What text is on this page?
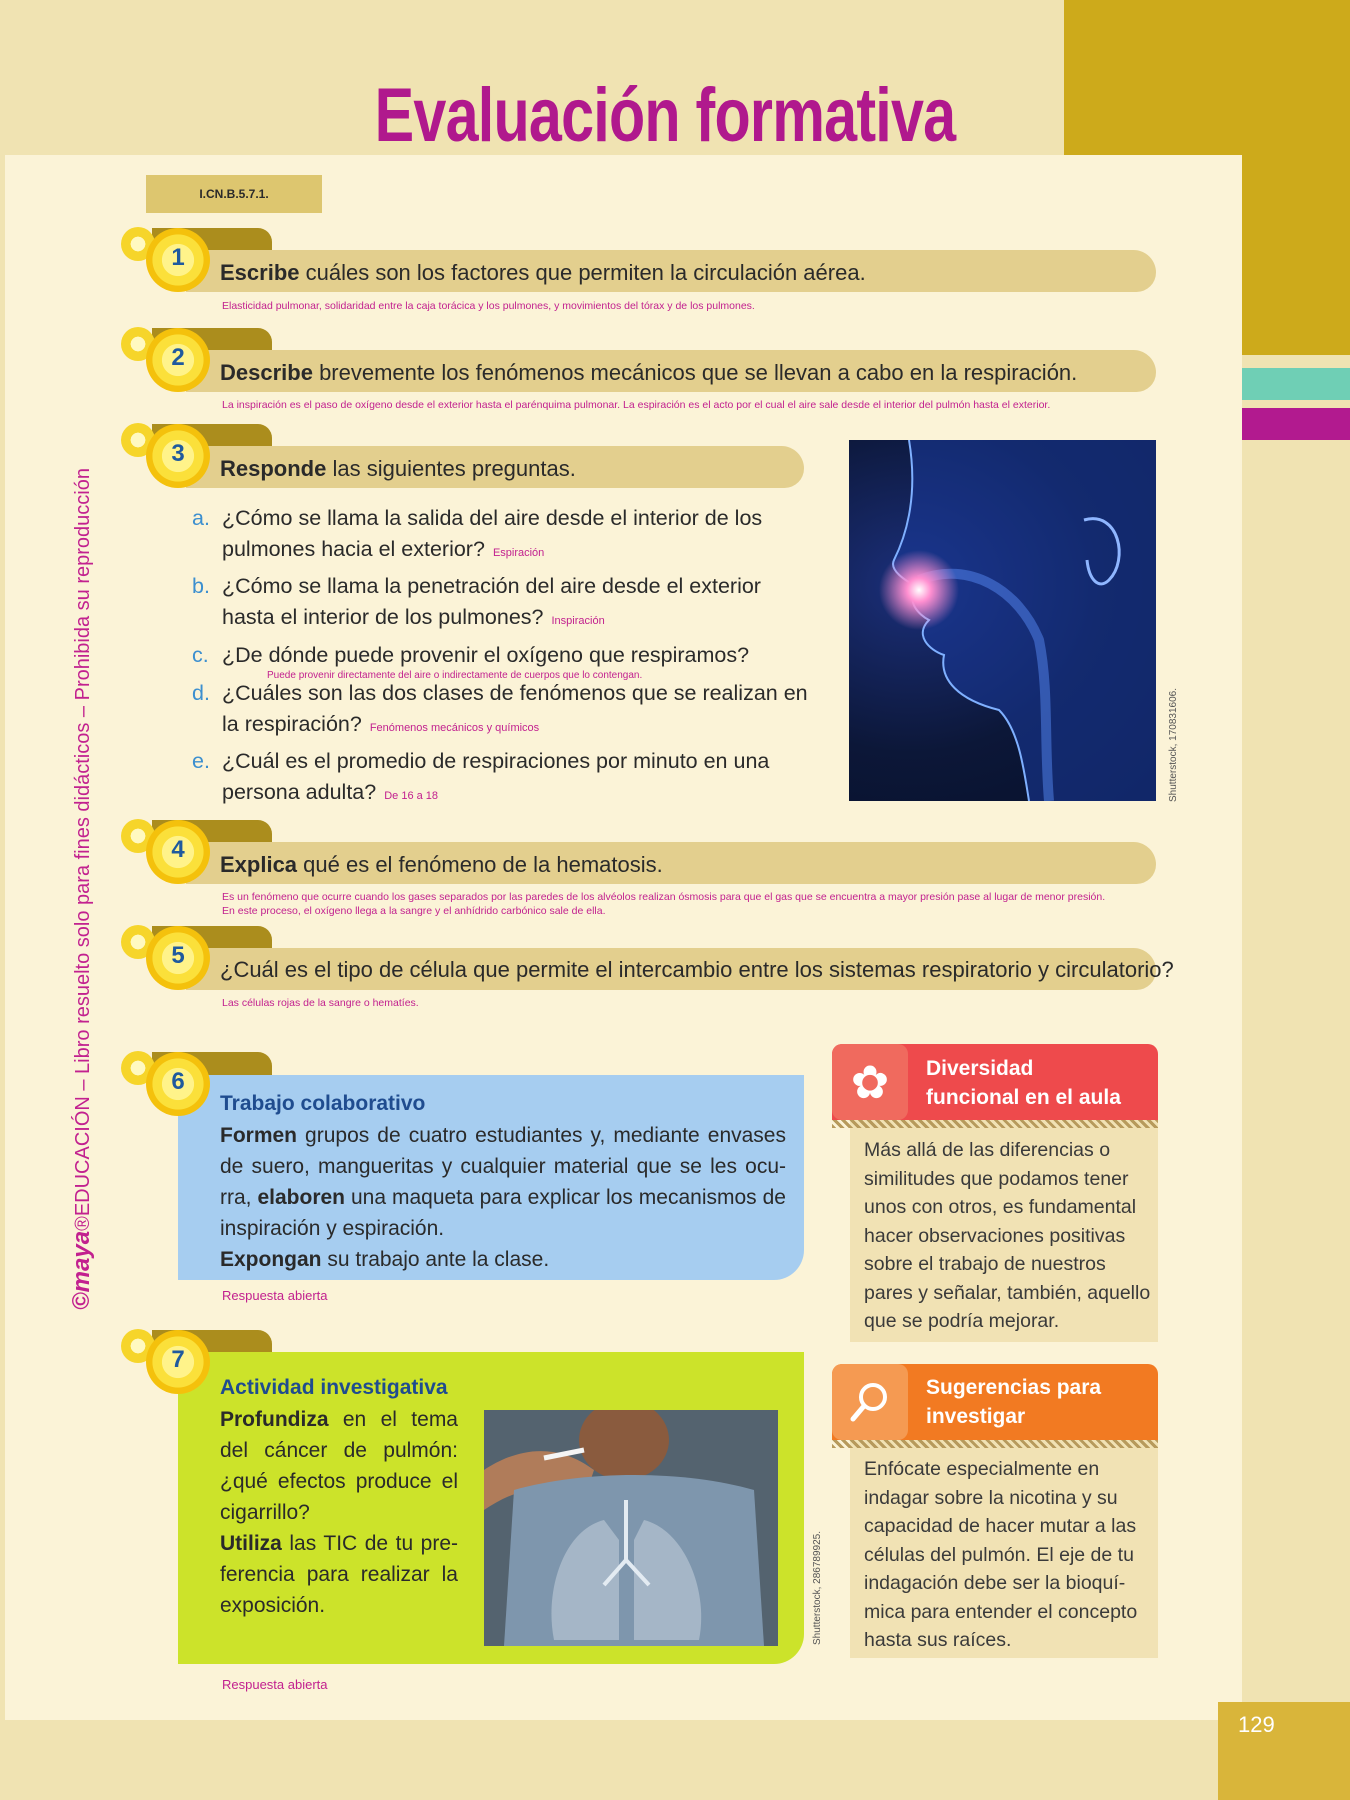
129
Evaluación formativa
I.CN.B.5.7.1.
©maya®EDUCACIÓN – Libro resuelto solo para fines didácticos – Prohibida su reproducción
1
Escribe cuáles son los factores que permiten la circulación aérea.
Elasticidad pulmonar, solidaridad entre la caja torácica y los pulmones, y movimientos del tórax y de los pulmones.
2
Describe brevemente los fenómenos mecánicos que se llevan a cabo en la respiración.
La inspiración es el paso de oxígeno desde el exterior hasta el parénquima pulmonar. La espiración es el acto por el cual el aire sale desde el interior del pulmón hasta el exterior.
3
Responde las siguientes preguntas.
a. ¿Cómo se llama la salida del aire desde el interior de los
pulmones hacia el exterior? Espiración
b. ¿Cómo se llama la penetración del aire desde el exterior
hasta el interior de los pulmones? Inspiración
c. ¿De dónde puede provenir el oxígeno que respiramos?
Puede provenir directamente del aire o indirectamente de cuerpos que lo contengan.
d. ¿Cuáles son las dos clases de fenómenos que se realizan en
la respiración? Fenómenos mecánicos y químicos
e. ¿Cuál es el promedio de respiraciones por minuto en una
persona adulta? De 16 a 18	Shutterstock, 170831606.
4
Explica qué es el fenómeno de la hematosis.
Es un fenómeno que ocurre cuando los gases separados por las paredes de los alvéolos realizan ósmosis para que el gas que se encuentra a mayor presión pase al lugar de menor presión.
En este proceso, el oxígeno llega a la sangre y el anhídrido carbónico sale de ella.
5
¿Cuál es el tipo de célula que permite el intercambio entre los sistemas respiratorio y circulatorio?
Las células rojas de la sangre o hematíes.
6
Trabajo colaborativo
Formen grupos de cuatro estudiantes y, mediante envases de suero, mangueritas y cualquier material que se les ocu-rra, elaboren una maqueta para explicar los mecanismos de inspiración y espiración.
Expongan su trabajo ante la clase.
Respuesta abierta
7
Actividad investigativa
Profundiza en el tema del cáncer de pulmón: ¿qué efectos produce el cigarrillo?
Utiliza las TIC de tu pre-ferencia para realizar la exposición.	Shutterstock, 286789925.
Respuesta abierta
✿	Diversidad
funcional en el aula
Más allá de las diferencias o similitudes que podamos tener unos con otros, es fundamental hacer observaciones positivas sobre el trabajo de nuestros pares y señalar, también, aquello que se podría mejorar.
Sugerencias para
investigar
Enfócate especialmente en indagar sobre la nicotina y su capacidad de hacer mutar a las células del pulmón. El eje de tu indagación debe ser la bioquí-mica para entender el concepto hasta sus raíces.
